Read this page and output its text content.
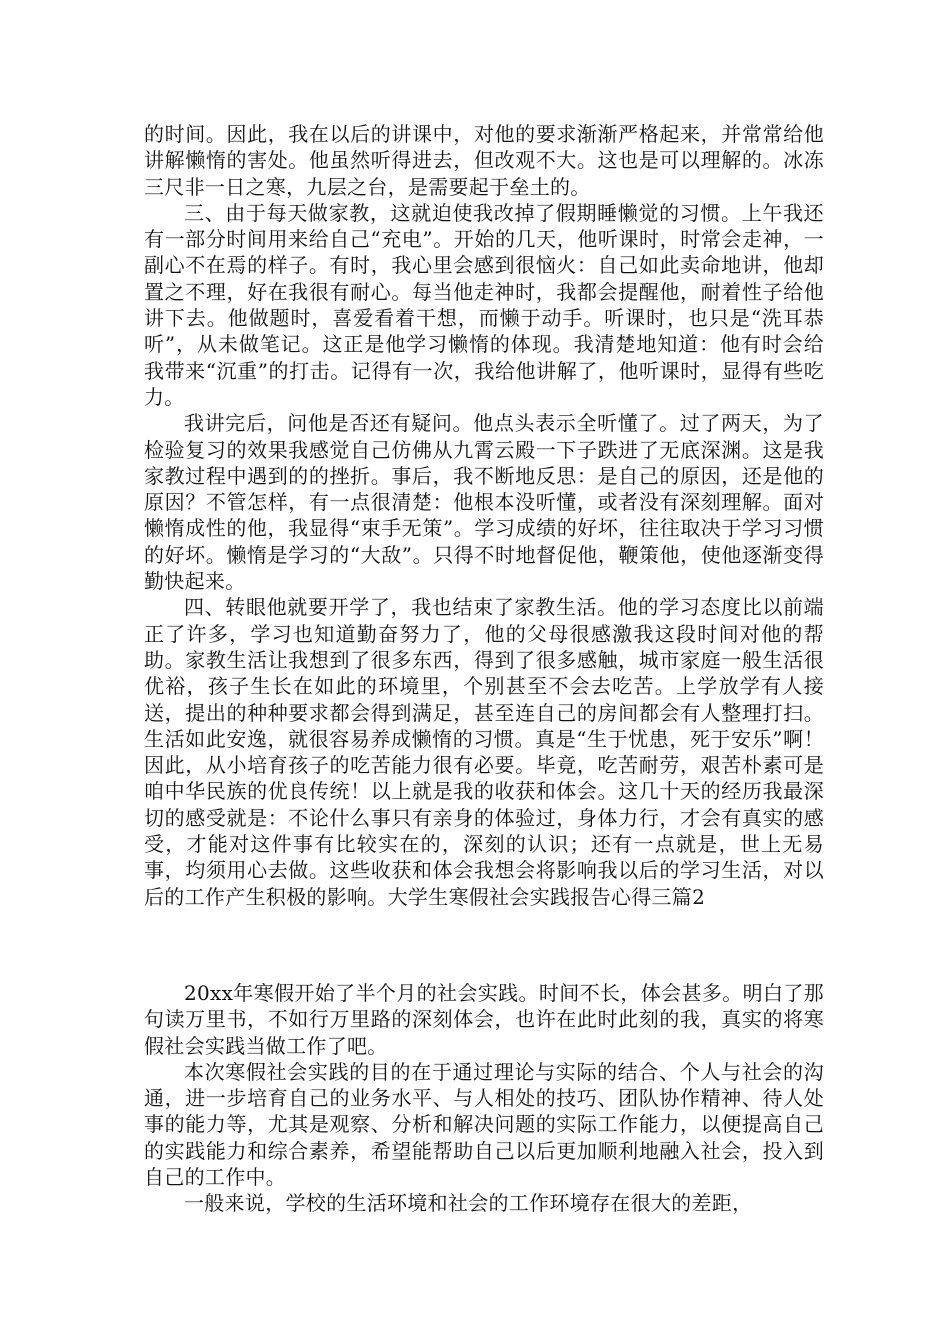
的时间。因此，我在以后的讲课中，对他的要求渐渐严格起来，并常常给他讲解懒惰的害处。他虽然听得进去，但改观不大。这也是可以理解的。冰冻三尺非一日之寒，九层之台，是需要起于垒土的。

三、由于每天做家教，这就迫使我改掉了假期睡懒觉的习惯。上午我还有一部分时间用来给自己“充电”。开始的几天，他听课时，时常会走神，一副心不在焉的样子。有时，我心里会感到很恼火：自己如此卖命地讲，他却置之不理，好在我很有耐心。每当他走神时，我都会提醒他，耐着性子给他讲下去。他做题时，喜爱看着干想，而懒于动手。听课时，也只是“洗耳恭听”，从未做笔记。这正是他学习懒惰的体现。我清楚地知道：他有时会给我带来“沉重”的打击。记得有一次，我给他讲解了，他听课时，显得有些吃力。

我讲完后，问他是否还有疑问。他点头表示全听懂了。过了两天，为了检验复习的效果我感觉自己仿佛从九霄云殿一下子跌进了无底深渊。这是我家教过程中遇到的的挫折。事后，我不断地反思：是自己的原因，还是他的原因？不管怎样，有一点很清楚：他根本没听懂，或者没有深刻理解。面对懒惰成性的他，我显得“束手无策”。学习成绩的好坏，往往取决于学习习惯的好坏。懒惰是学习的“大敌”。只得不时地督促他，鞭策他，使他逐渐变得勤快起来。

四、转眼他就要开学了，我也结束了家教生活。他的学习态度比以前端正了许多，学习也知道勤奋努力了，他的父母很感激我这段时间对他的帮助。家教生活让我想到了很多东西，得到了很多感触，城市家庭一般生活很优裕，孩子生长在如此的环境里，个别甚至不会去吃苦。上学放学有人接送，提出的种种要求都会得到满足，甚至连自己的房间都会有人整理打扫。生活如此安逸，就很容易养成懒惰的习惯。真是“生于忧患，死于安乐”啊！因此，从小培育孩子的吃苦能力很有必要。毕竟，吃苦耐劳，艰苦朴素可是咱中华民族的优良传统！以上就是我的收获和体会。这几十天的经历我最深切的感受就是：不论什么事只有亲身的体验过，身体力行，才会有真实的感受，才能对这件事有比较实在的，深刻的认识；还有一点就是，世上无易事，均须用心去做。这些收获和体会我想会将影响我以后的学习生活，对以后的工作产生积极的影响。大学生寒假社会实践报告心得三篇2

20xx年寒假开始了半个月的社会实践。时间不长，体会甚多。明白了那句读万里书，不如行万里路的深刻体会，也许在此时此刻的我，真实的将寒假社会实践当做工作了吧。

本次寒假社会实践的目的在于通过理论与实际的结合、个人与社会的沟通，进一步培育自己的业务水平、与人相处的技巧、团队协作精神、待人处事的能力等，尤其是观察、分析和解决问题的实际工作能力，以便提高自己的实践能力和综合素养，希望能帮助自己以后更加顺利地融入社会，投入到自己的工作中。

一般来说，学校的生活环境和社会的工作环境存在很大的差距，
